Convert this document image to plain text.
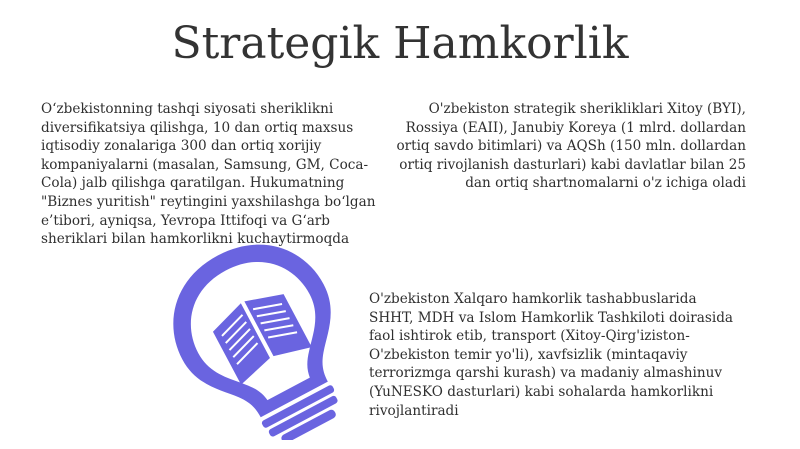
Strategik Hamkorlik

O‘zbekistonning tashqi siyosati sheriklikni diversifikatsiya qilishga, 10 dan ortiq maxsus iqtisodiy zonalariga 300 dan ortiq xorijiy kompaniyalarni (masalan, Samsung, GM, Coca-Cola) jalb qilishga qaratilgan. Hukumatning "Biznes yuritish" reytingini yaxshilashga bo‘lgan e’tibori, ayniqsa, Yevropa Ittifoqi va G‘arb sheriklari bilan hamkorlikni kuchaytirmoqda

O'zbekiston strategik sherikliklari Xitoy (BYI), Rossiya (EAII), Janubiy Koreya (1 mlrd. dollardan ortiq savdo bitimlari) va AQSh (150 mln. dollardan ortiq rivojlanish dasturlari) kabi davlatlar bilan 25 dan ortiq shartnomalarni o'z ichiga oladi

O'zbekiston Xalqaro hamkorlik tashabbuslarida SHHT, MDH va Islom Hamkorlik Tashkiloti doirasida faol ishtirok etib, transport (Xitoy-Qirg'iziston-O'zbekiston temir yo'li), xavfsizlik (mintaqaviy terrorizmga qarshi kurash) va madaniy almashinuv (YuNESKO dasturlari) kabi sohalarda hamkorlikni rivojlantiradi
